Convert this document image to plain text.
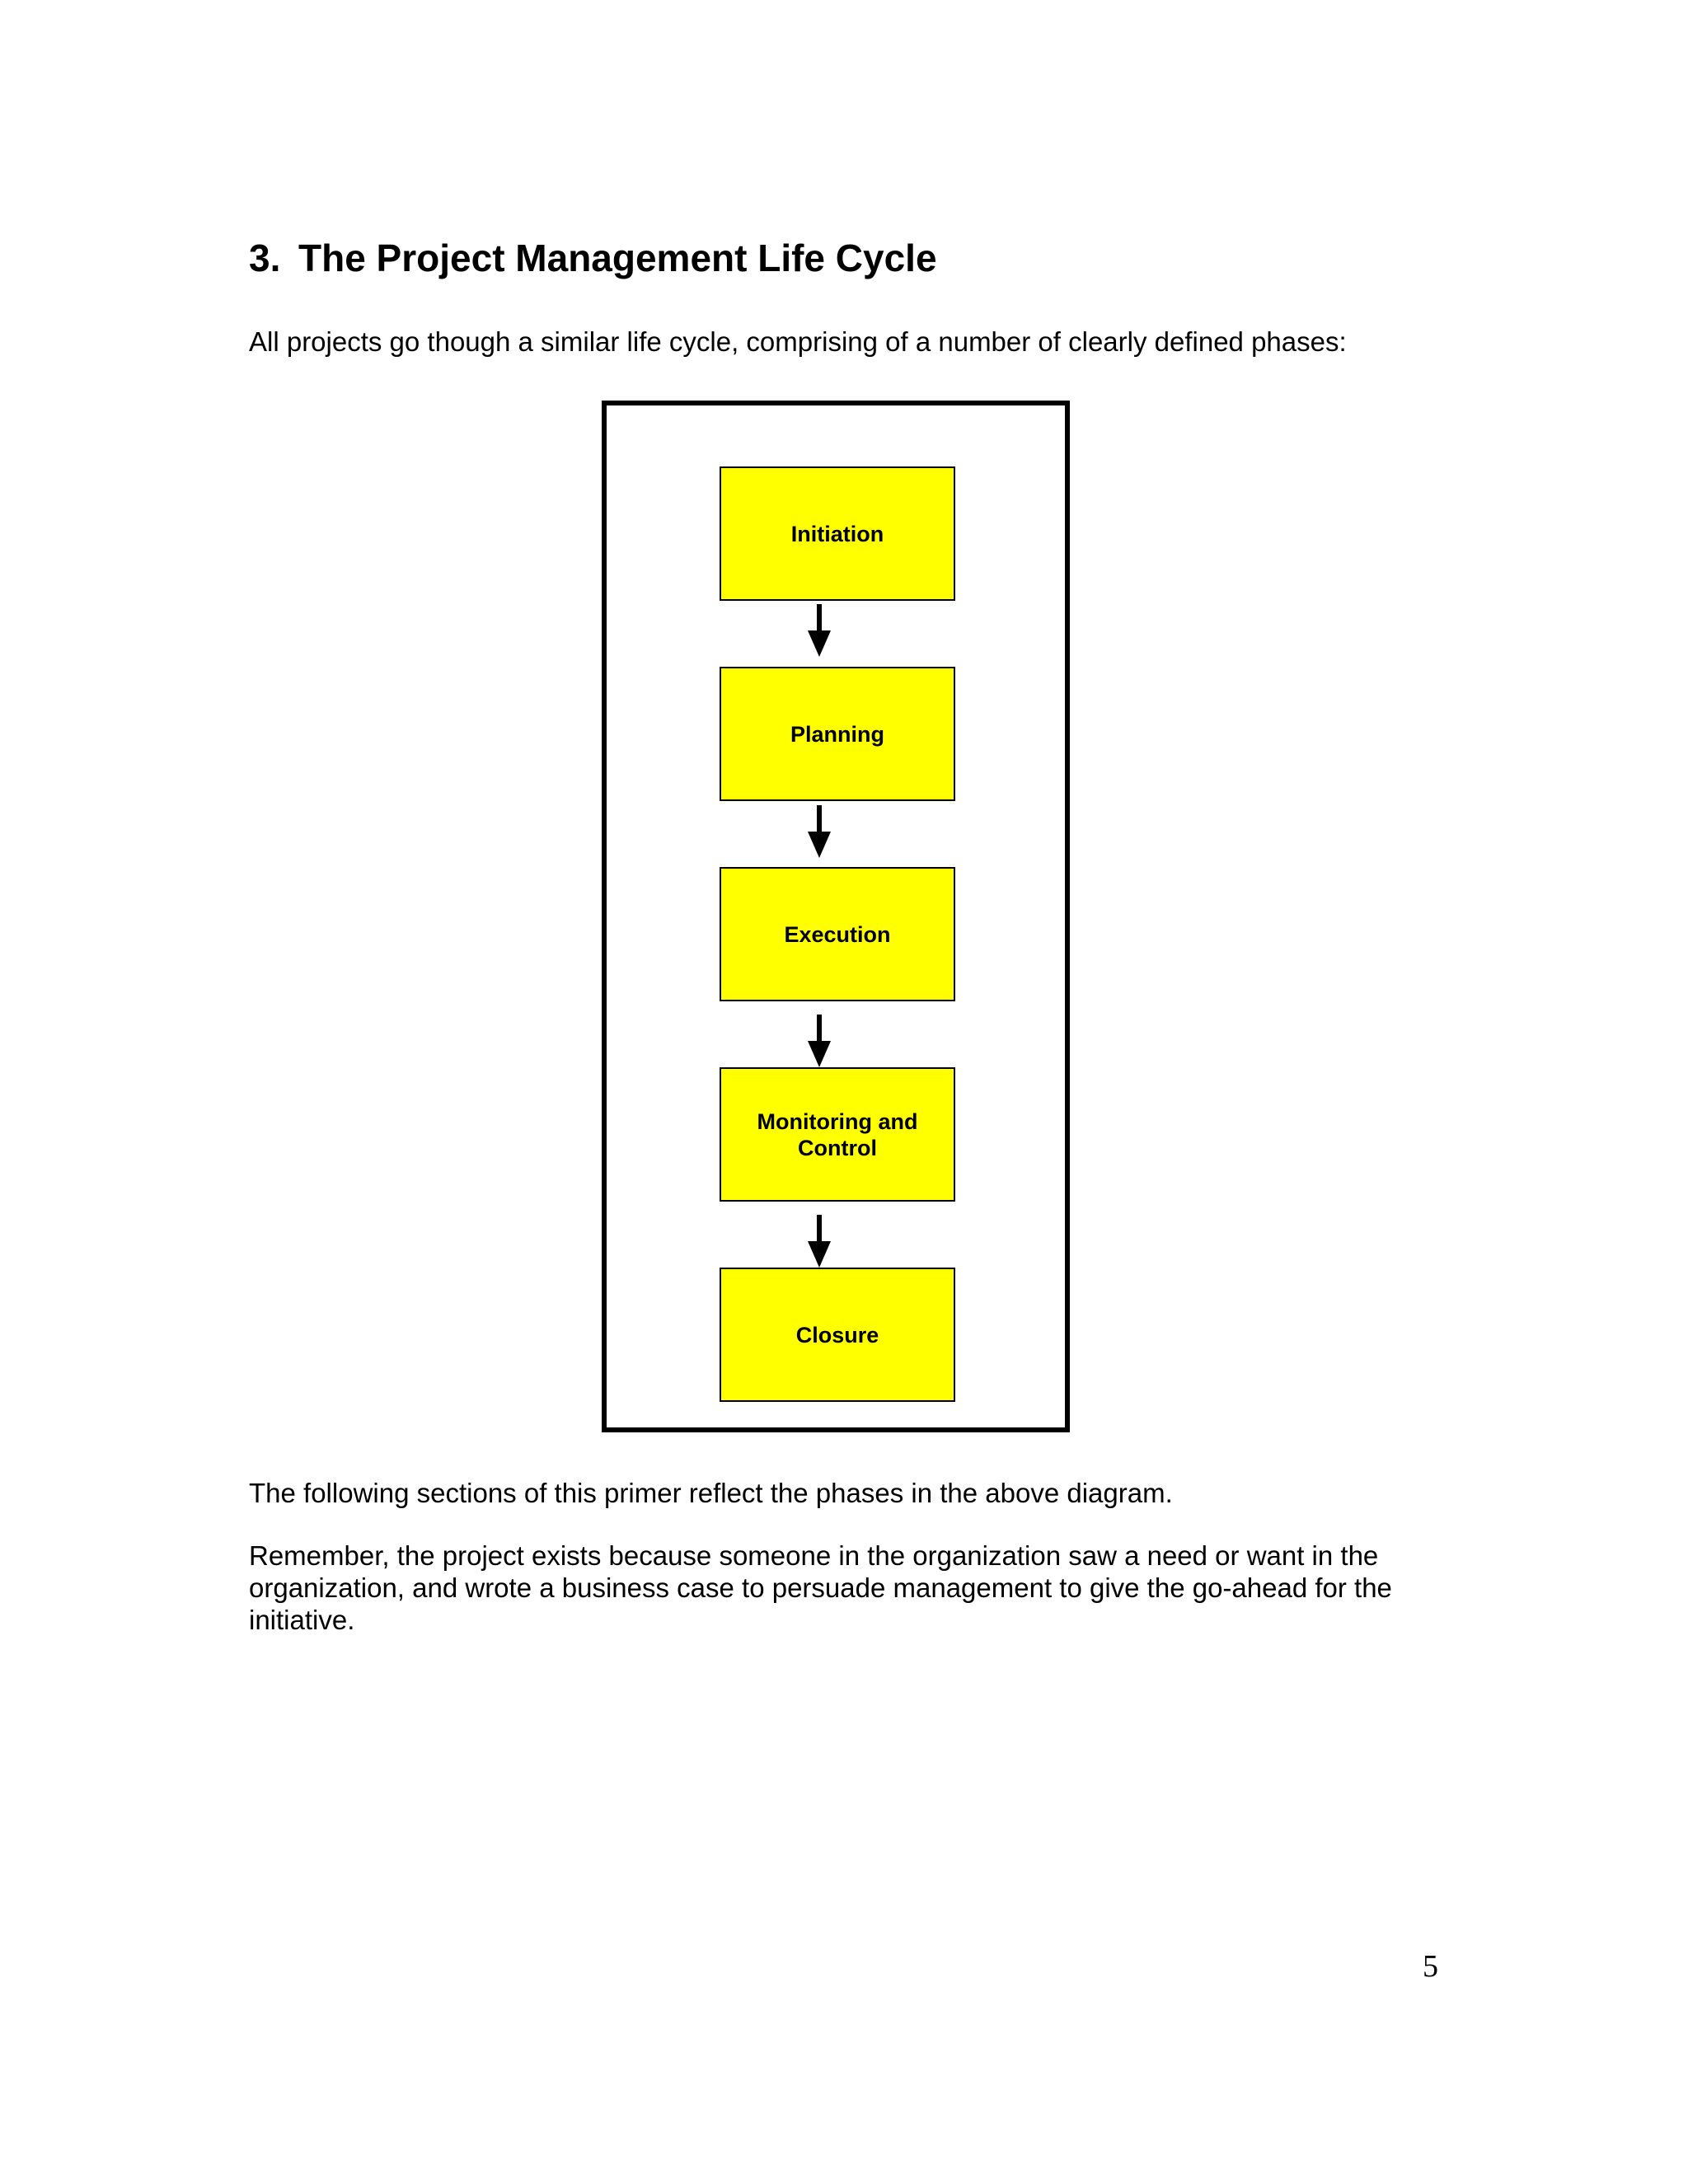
3. The Project Management Life Cycle

All projects go though a similar life cycle, comprising of a number of clearly defined phases:

Initiation
Planning
Execution
Monitoring and Control
Closure

The following sections of this primer reflect the phases in the above diagram.

Remember, the project exists because someone in the organization saw a need or want in the organization, and wrote a business case to persuade management to give the go-ahead for the initiative.

5
